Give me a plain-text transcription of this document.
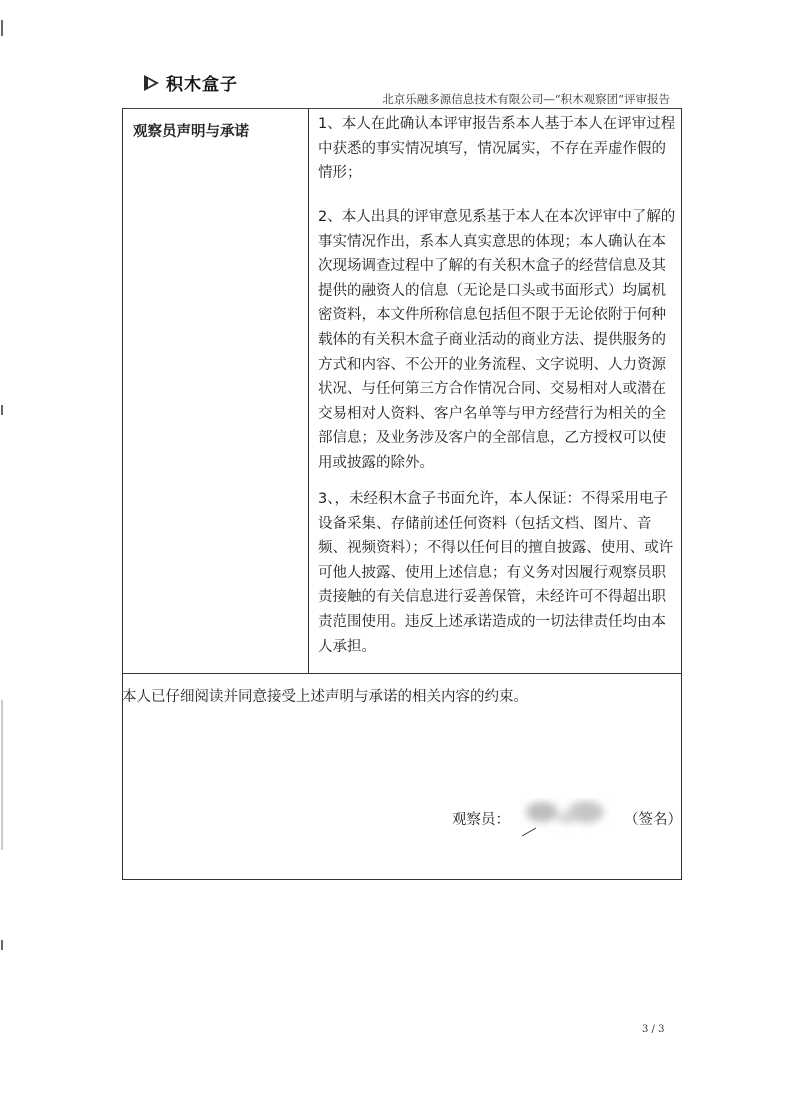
积木盒子
北京乐融多源信息技术有限公司—“积木观察团”评审报告
观察员声明与承诺	1、本人在此确认本评审报告系本人基于本人在评审过程中获悉的事实情况填写，情况属实，不存在弄虚作假的情形；
2、本人出具的评审意见系基于本人在本次评审中了解的事实情况作出，系本人真实意思的体现；本人确认在本次现场调查过程中了解的有关积木盒子的经营信息及其提供的融资人的信息（无论是口头或书面形式）均属机密资料，本文件所称信息包括但不限于无论依附于何种载体的有关积木盒子商业活动的商业方法、提供服务的方式和内容、不公开的业务流程、文字说明、人力资源状况、与任何第三方合作情况合同、交易相对人或潜在交易相对人资料、客户名单等与甲方经营行为相关的全部信息；及业务涉及客户的全部信息，乙方授权可以使用或披露的除外。
3、，未经积木盒子书面允许，本人保证：不得采用电子设备采集、存储前述任何资料（包括文档、图片、音频、视频资料）；不得以任何目的擅自披露、使用、或许可他人披露、使用上述信息；有义务对因履行观察员职责接触的有关信息进行妥善保管，未经许可不得超出职责范围使用。违反上述承诺造成的一切法律责任均由本人承担。
本人已仔细阅读并同意接受上述声明与承诺的相关内容的约束。
观察员：	（签名）
3 / 3
